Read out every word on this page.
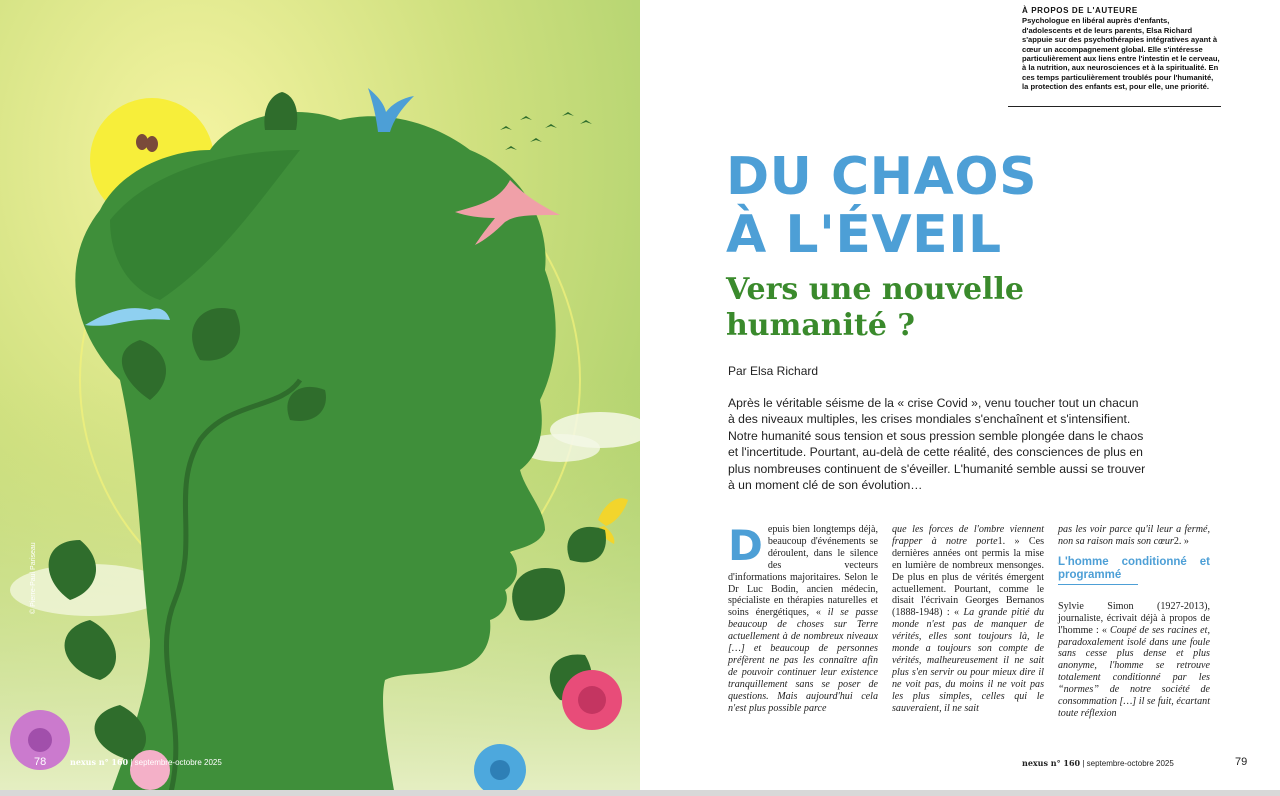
© Pierre-Paul Pariseau
78	nexus n° 160 | septembre-octobre 2025
À PROPOS DE L'AUTEURE
Psychologue en libéral auprès d'enfants, d'adolescents et de leurs parents, Elsa Richard s'appuie sur des psychothérapies intégratives ayant à cœur un accompagnement global. Elle s'intéresse particulièrement aux liens entre l'intestin et le cerveau, à la nutrition, aux neurosciences et à la spiritualité. En ces temps particulièrement troublés pour l'humanité, la protection des enfants est, pour elle, une priorité.
DU CHAOS
À L'ÉVEIL
Vers une nouvelle humanité ?
Par Elsa Richard
Après le véritable séisme de la « crise Covid », venu toucher tout un chacun à des niveaux multiples, les crises mondiales s'enchaînent et s'intensifient. Notre humanité sous tension et sous pression semble plongée dans le chaos et l'incertitude. Pourtant, au-delà de cette réalité, des consciences de plus en plus nombreuses continuent de s'éveiller. L'humanité semble aussi se trouver à un moment clé de son évolution…
D epuis bien longtemps déjà, beaucoup d'événements se déroulent, dans le silence des vecteurs d'informations majoritaires. Selon le Dr Luc Bodin, ancien médecin, spécialiste en thérapies naturelles et soins énergétiques, « il se passe beaucoup de choses sur Terre actuellement à de nombreux niveaux […] et beaucoup de personnes préfèrent ne pas les connaître afin de pouvoir continuer leur existence tranquillement sans se poser de questions. Mais aujourd'hui cela n'est plus possible parce
que les forces de l'ombre viennent frapper à notre porte1. » Ces dernières années ont permis la mise en lumière de nombreux mensonges. De plus en plus de vérités émergent actuellement. Pourtant, comme le disait l'écrivain Georges Bernanos (1888-1948) : « La grande pitié du monde n'est pas de manquer de vérités, elles sont toujours là, le monde a toujours son compte de vérités, malheureusement il ne sait plus s'en servir ou pour mieux dire il ne voit pas, du moins il ne voit pas les plus simples, celles qui le sauveraient, il ne sait

pas les voir parce qu'il leur a fermé, non sa raison mais son cœur2. »

L'homme conditionné et programmé

Sylvie Simon (1927-2013), journaliste, écrivait déjà à propos de l'homme : « Coupé de ses racines et, paradoxalement isolé dans une foule sans cesse plus dense et plus anonyme, l'homme se retrouve totalement conditionné par les “normes” de notre société de consommation […] il se fuit, écartant toute réflexion

nexus n° 160 | septembre-octobre 2025	79
